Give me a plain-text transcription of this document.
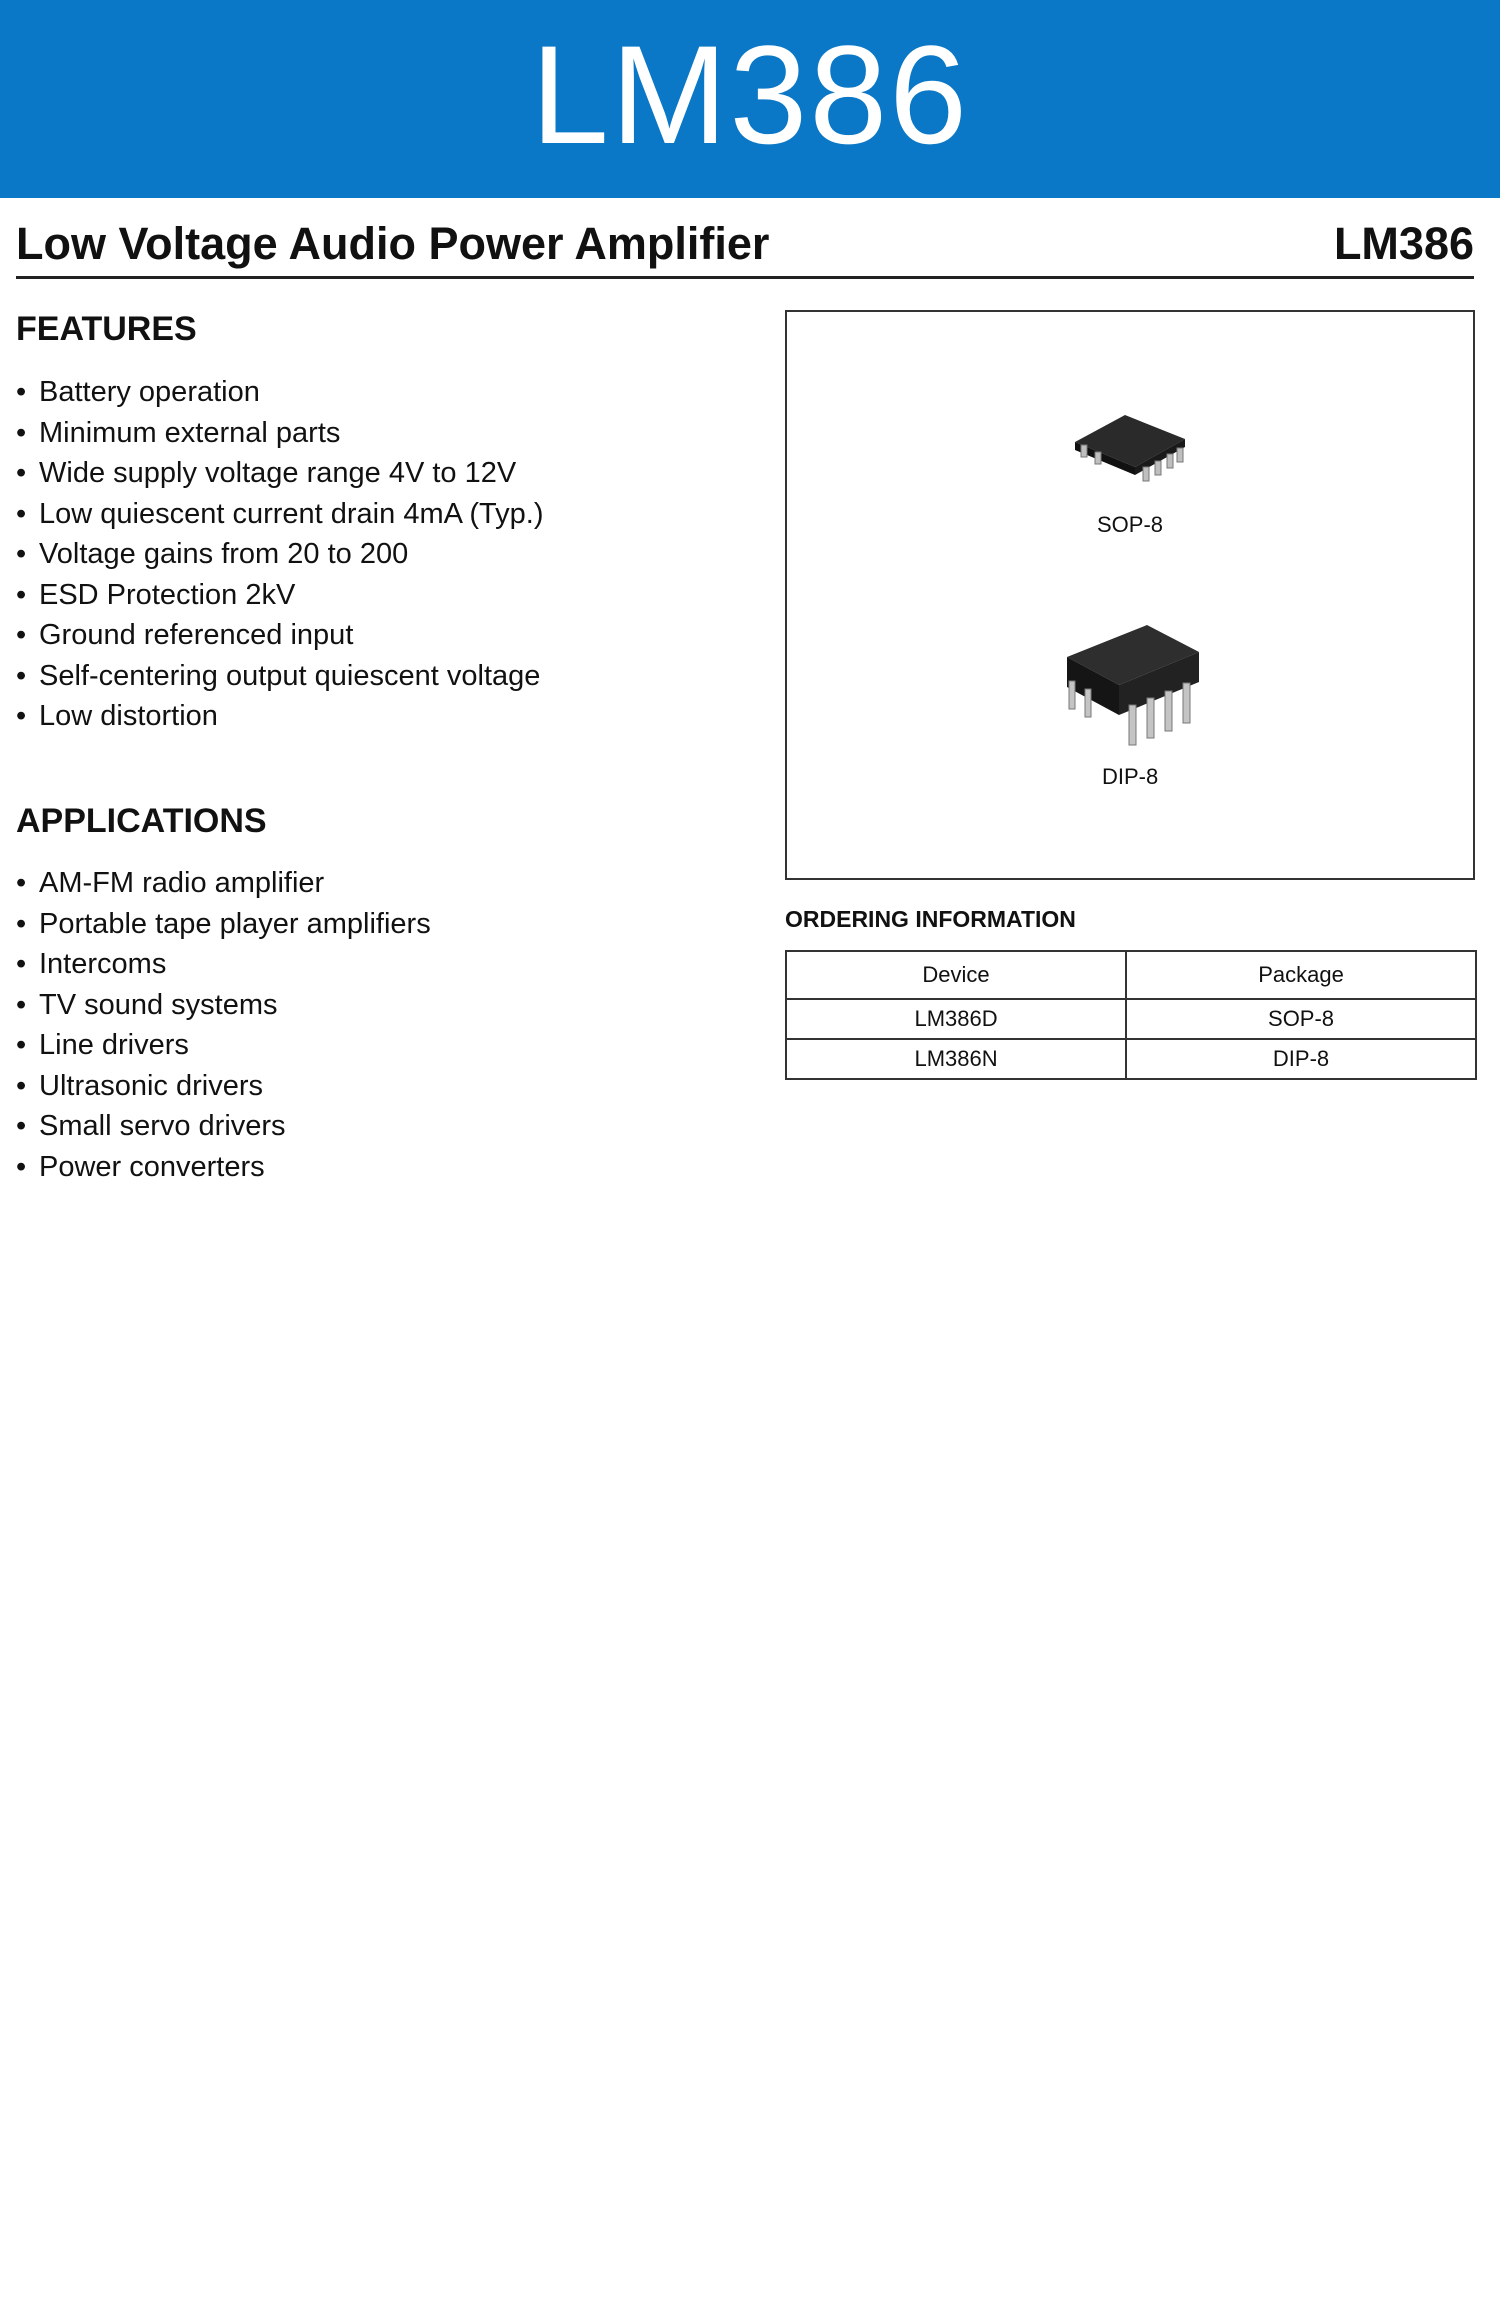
LM386
Low Voltage Audio Power Amplifier	LM386
FEATURES
• Battery operation
• Minimum external parts
• Wide supply voltage range 4V to 12V
• Low quiescent current drain 4mA (Typ.)
• Voltage gains from 20 to 200
• ESD Protection 2kV
• Ground referenced input
• Self-centering output quiescent voltage
• Low distortion
APPLICATIONS
• AM-FM radio amplifier
• Portable tape player amplifiers
• Intercoms
• TV sound systems
• Line drivers
• Ultrasonic drivers
• Small servo drivers
• Power converters
SOP-8
DIP-8
ORDERING INFORMATION
Device	Package
LM386D	SOP-8
LM386N	DIP-8
